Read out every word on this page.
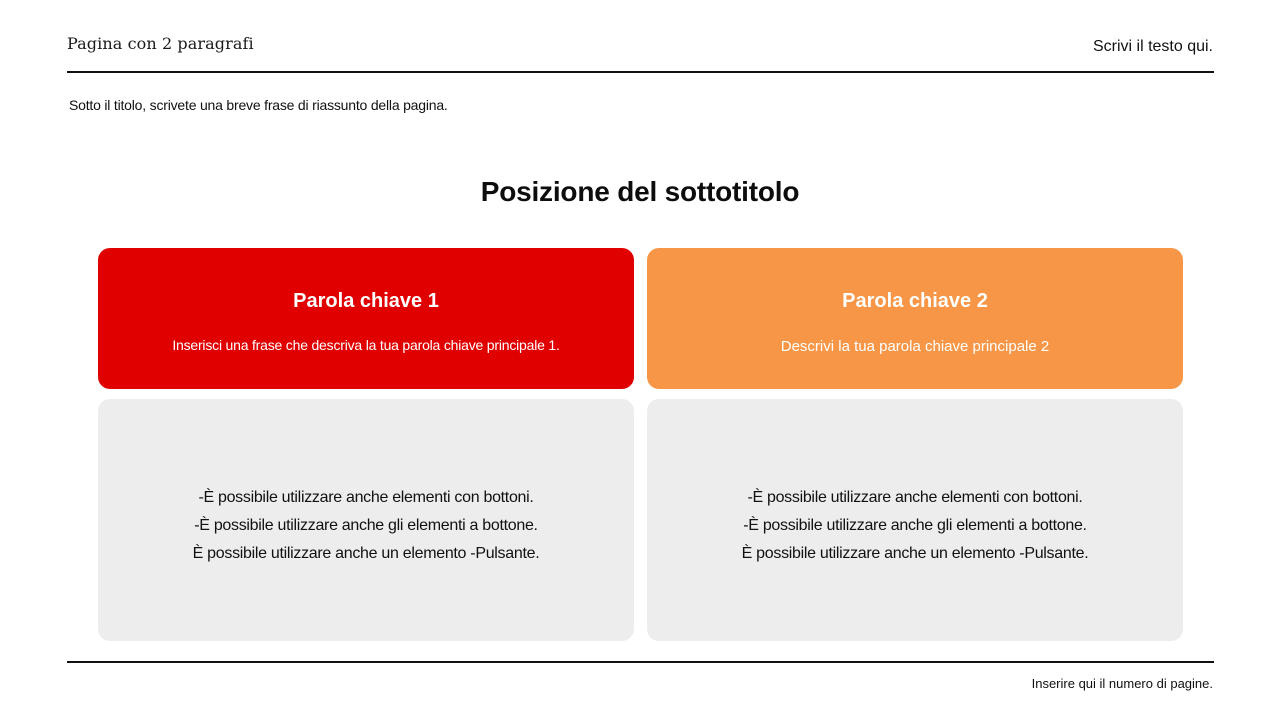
Pagina con 2 paragrafi	Scrivi il testo qui.
Sotto il titolo, scrivete una breve frase di riassunto della pagina.
Posizione del sottotitolo
Parola chiave 1
Inserisci una frase che descriva la tua parola chiave principale 1.
Parola chiave 2
Descrivi la tua parola chiave principale 2
-È possibile utilizzare anche elementi con bottoni.
-È possibile utilizzare anche gli elementi a bottone.
È possibile utilizzare anche un elemento -Pulsante.
-È possibile utilizzare anche elementi con bottoni.
-È possibile utilizzare anche gli elementi a bottone.
È possibile utilizzare anche un elemento -Pulsante.
Inserire qui il numero di pagine.
